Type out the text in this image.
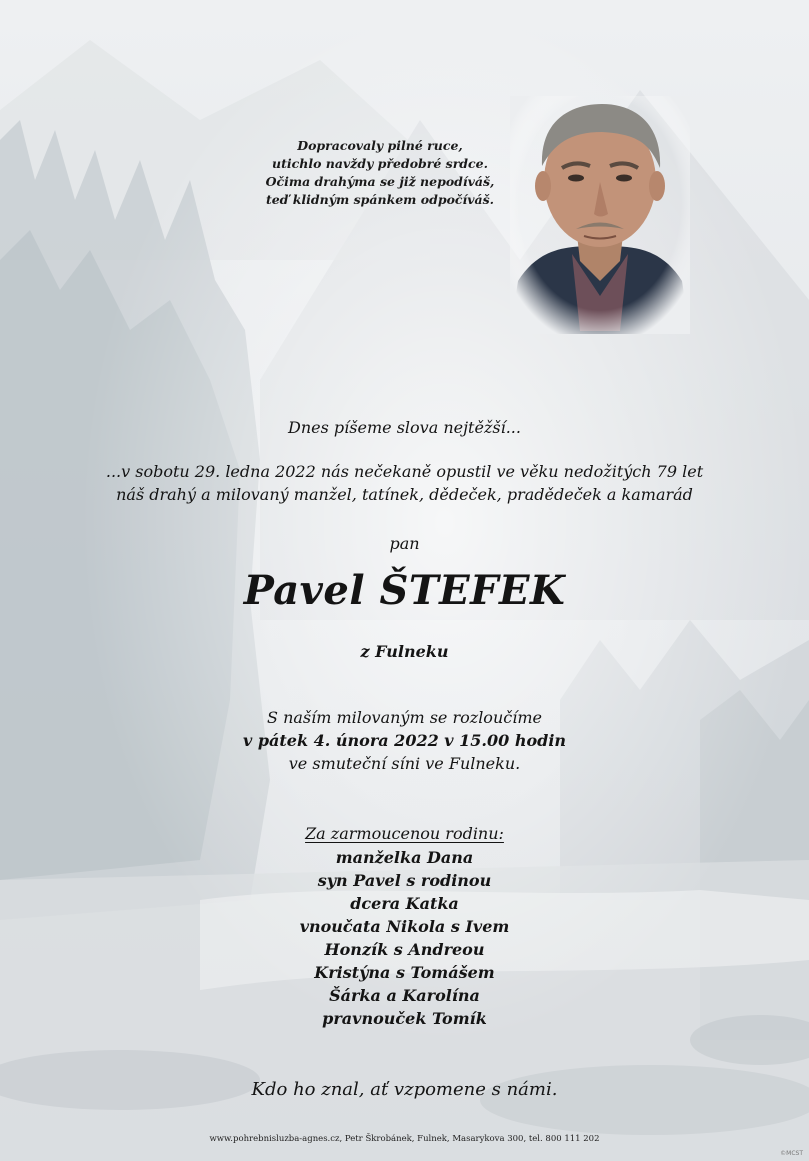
Dopracovaly pilné ruce,
utichlo navždy předobré srdce.
Očima drahýma se již nepodíváš,
teď klidným spánkem odpočíváš.
Dnes píšeme slova nejtěžší...
...v sobotu 29. ledna 2022 nás nečekaně opustil ve věku nedožitých 79 let
náš drahý a milovaný manžel, tatínek, dědeček, pradědeček a kamarád
pan
Pavel ŠTEFEK
z Fulneku
S naším milovaným se rozloučíme
v pátek 4. února 2022 v 15.00 hodin
ve smuteční síni ve Fulneku.
Za zarmoucenou rodinu:
manželka Dana
syn Pavel s rodinou
dcera Katka
vnoučata Nikola s Ivem
Honzík s Andreou
Kristýna s Tomášem
Šárka a Karolína
pravnouček Tomík
Kdo ho znal, ať vzpomene s námi.
www.pohrebnisluzba-agnes.cz, Petr Škrobánek, Fulnek, Masarykova 300, tel. 800 111 202
©MCST
